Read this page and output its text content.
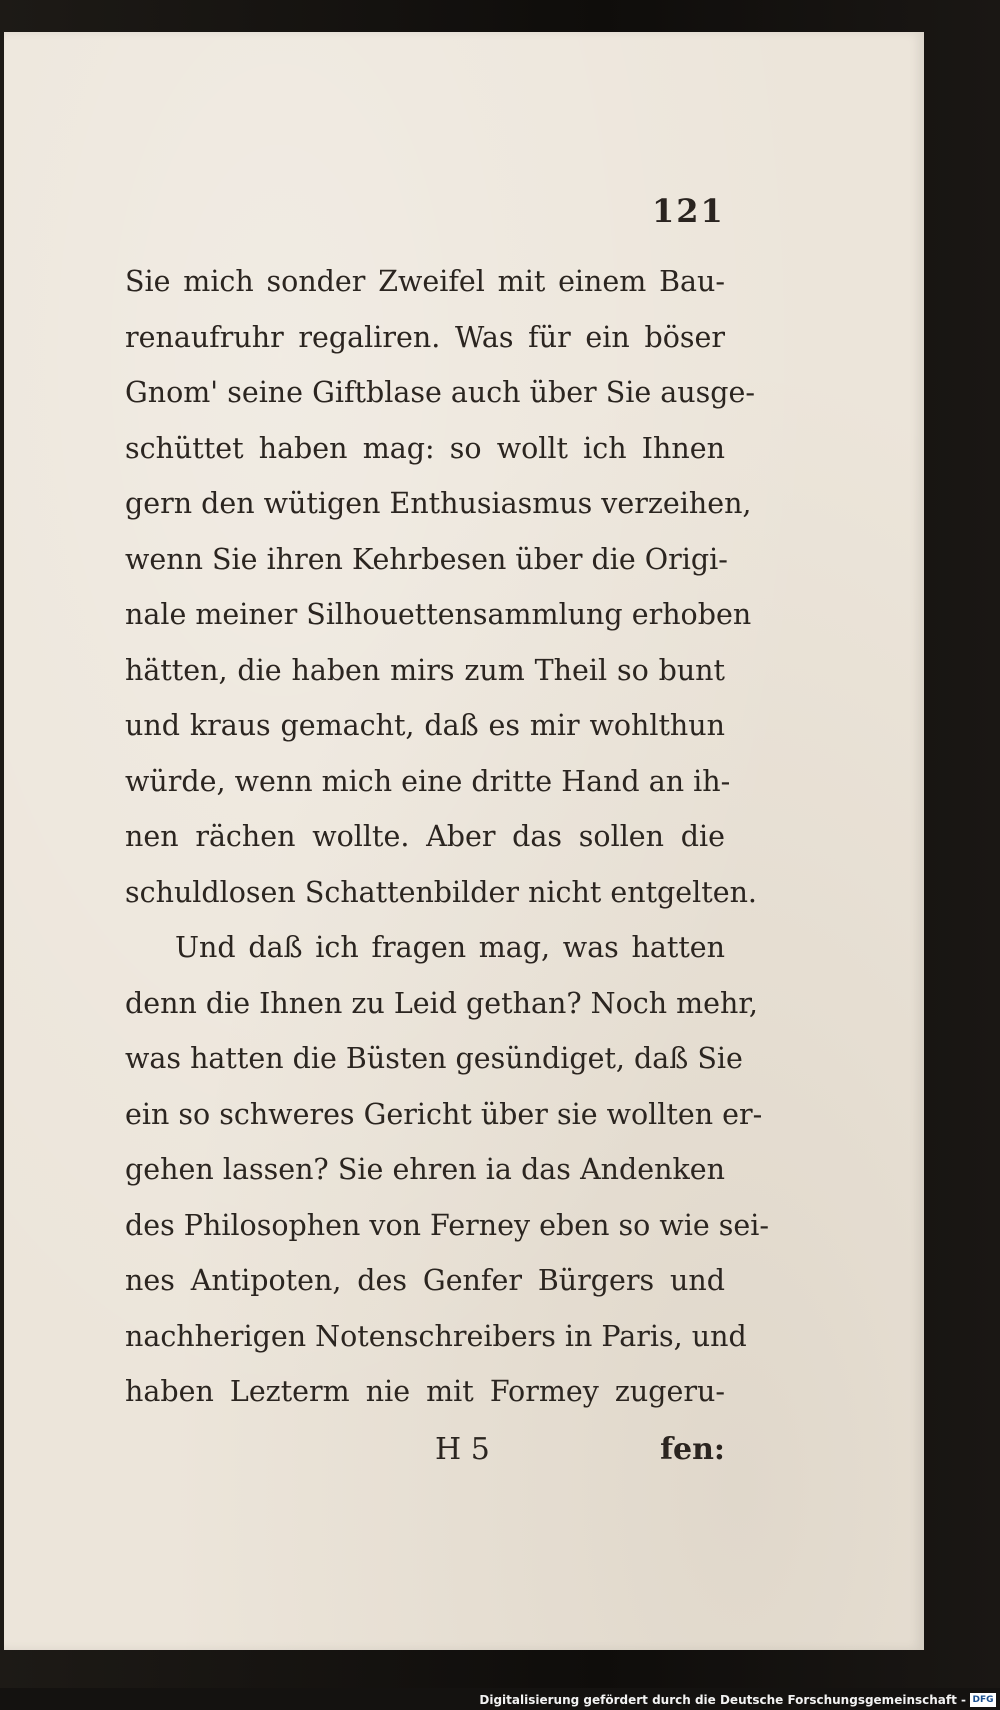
121
Sie mich sonder Zweifel mit einem Bau-
renaufruhr regaliren. Was für ein böser
Gnom' seine Giftblase auch über Sie ausge-
schüttet haben mag: so wollt ich Ihnen
gern den wütigen Enthusiasmus verzeihen,
wenn Sie ihren Kehrbesen über die Origi-
nale meiner Silhouettensammlung erhoben
hätten, die haben mirs zum Theil so bunt
und kraus gemacht, daß es mir wohlthun
würde, wenn mich eine dritte Hand an ih-
nen rächen wollte. Aber das sollen die
schuldlosen Schattenbilder nicht entgelten.
Und daß ich fragen mag, was hatten
denn die Ihnen zu Leid gethan? Noch mehr,
was hatten die Büsten gesündiget, daß Sie
ein so schweres Gericht über sie wollten er-
gehen lassen? Sie ehren ia das Andenken
des Philosophen von Ferney eben so wie sei-
nes Antipoten, des Genfer Bürgers und
nachherigen Notenschreibers in Paris, und
haben Lezterm nie mit Formey zugeru-
H 5	fen:
Digitalisierung gefördert durch die Deutsche Forschungsgemeinschaft - DFG
